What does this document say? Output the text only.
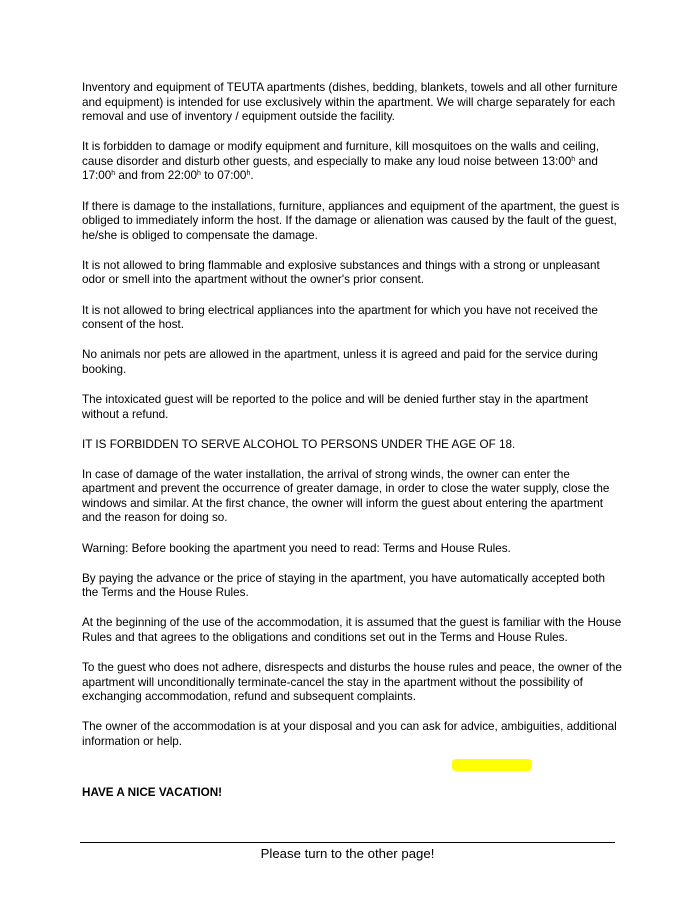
Inventory and equipment of TEUTA apartments (dishes, bedding, blankets, towels and all other furniture and equipment) is intended for use exclusively within the apartment. We will charge separately for each removal and use of inventory / equipment outside the facility.

It is forbidden to damage or modify equipment and furniture, kill mosquitoes on the walls and ceiling, cause disorder and disturb other guests, and especially to make any loud noise between 13:00$^h$ and 17:00$^h$ and from 22:00$^h$ to 07:00$^h$.

If there is damage to the installations, furniture, appliances and equipment of the apartment, the guest is obliged to immediately inform the host. If the damage or alienation was caused by the fault of the guest, he/she is obliged to compensate the damage.

It is not allowed to bring flammable and explosive substances and things with a strong or unpleasant odor or smell into the apartment without the owner's prior consent.

It is not allowed to bring electrical appliances into the apartment for which you have not received the consent of the host.

No animals nor pets are allowed in the apartment, unless it is agreed and paid for the service during booking.

The intoxicated guest will be reported to the police and will be denied further stay in the apartment without a refund.

IT IS FORBIDDEN TO SERVE ALCOHOL TO PERSONS UNDER THE AGE OF 18.

In case of damage of the water installation, the arrival of strong winds, the owner can enter the apartment and prevent the occurrence of greater damage, in order to close the water supply, close the windows and similar. At the first chance, the owner will inform the guest about entering the apartment and the reason for doing so.

Warning: Before booking the apartment you need to read: Terms and House Rules.

By paying the advance or the price of staying in the apartment, you have automatically accepted both the Terms and the House Rules.

At the beginning of the use of the accommodation, it is assumed that the guest is familiar with the House Rules and that agrees to the obligations and conditions set out in the Terms and House Rules.

To the guest who does not adhere, disrespects and disturbs the house rules and peace, the owner of the apartment will unconditionally terminate-cancel the stay in the apartment without the possibility of exchanging accommodation, refund and subsequent complaints.

The owner of the accommodation is at your disposal and you can ask for advice, ambiguities, additional information or help.

HAVE A NICE VACATION!

Please turn to the other page!
